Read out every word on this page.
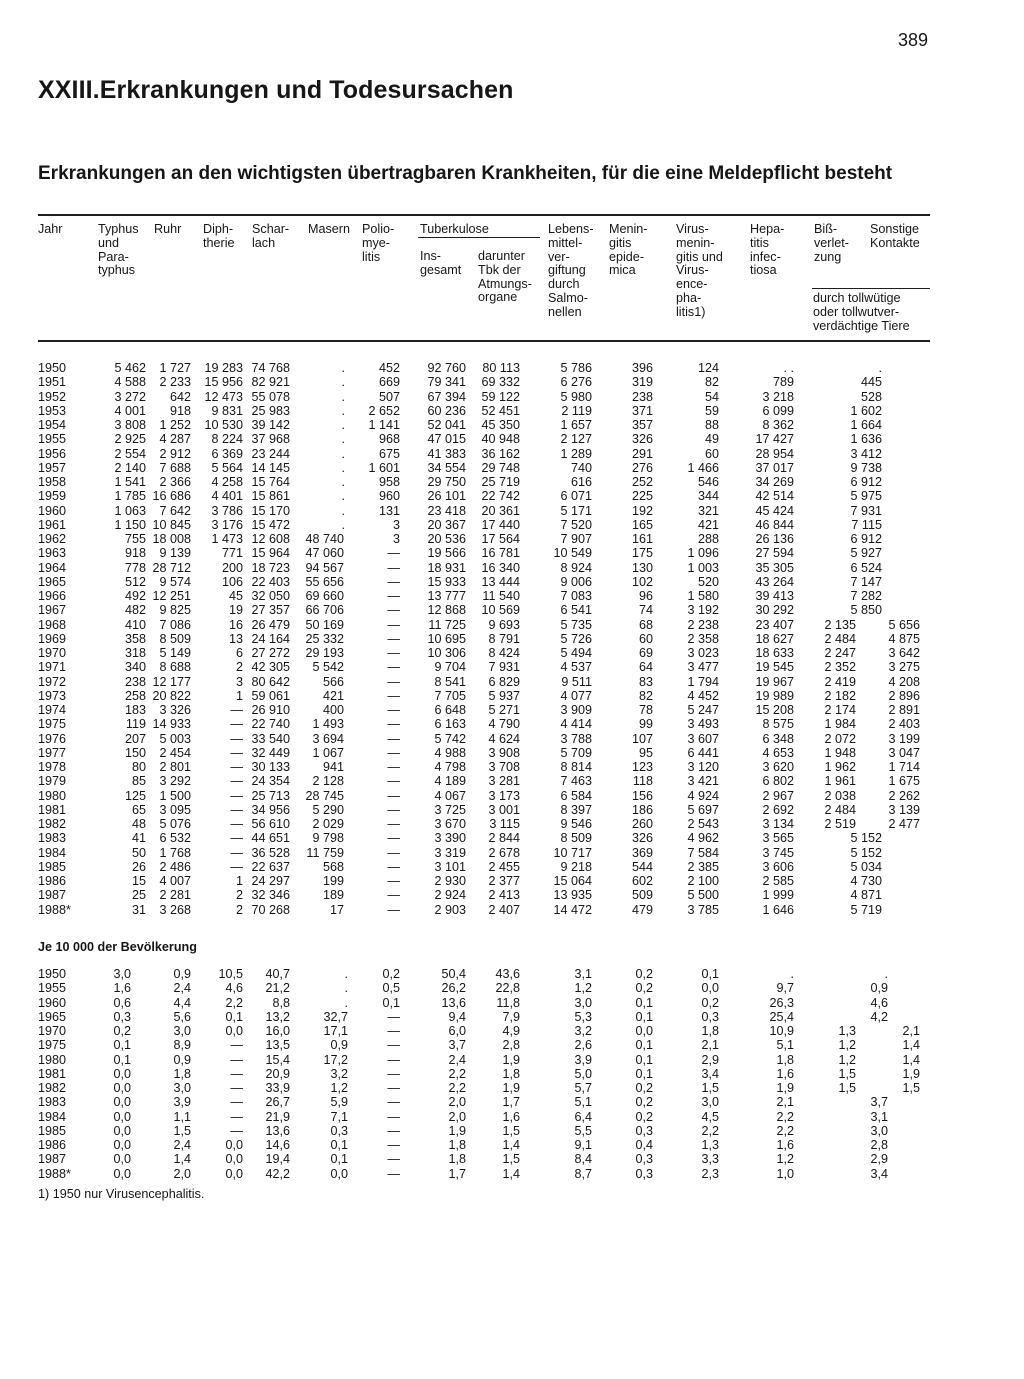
389
XXIII.Erkrankungen und Todesursachen
Erkrankungen an den wichtigsten übertragbaren Krankheiten, für die eine Meldepflicht besteht
Jahr	Typhus
und
Para-
typhus
Ruhr Diph-
therie
Schar-
lach
Masern Polio-
mye-
litis
Tuberkulose
Ins-
gesamt
darunter
Tbk der
Atmungs-
organe
Lebens-
mittel-
ver-
giftung
durch
Salmo-
nellen
Menin-
gitis
epide-
mica
Virus-
menin-
gitis und
Virus-
ence-
pha-
litis1)
Hepa-
titis
infec-
tiosa
Biß-
verlet-
zung
Sonstige
Kontakte
durch tollwütige
oder tollwutver-
verdächtige Tiere
1950
1951
1952
1953
1954
1955
1956
1957
1958
1959
1960
1961
1962
1963
1964
1965
1966
1967
1968
1969
1970
1971
1972
1973
1974
1975
1976
1977
1978
1979
1980
1981
1982
1983
1984
1985
1986
1987
1988*
5 462
4 588
3 272
4 001
3 808
2 925
2 554
2 140
1 541
1 785
1 063
1 150
755
918
778
512
492
482
410
358
318
340
238
258
183
119
207
150
80
85
125
65
48
41
50
26
15
25
31
1 727
2 233
642
918
1 252
4 287
2 912
7 688
2 366
16 686
7 642
10 845
18 008
9 139
28 712
9 574
12 251
9 825
7 086
8 509
5 149
8 688
12 177
20 822
3 326
14 933
5 003
2 454
2 801
3 292
1 500
3 095
5 076
6 532
1 768
2 486
4 007
2 281
3 268
19 283
15 956
12 473
9 831
10 530
8 224
6 369
5 564
4 258
4 401
3 786
3 176
1 473
771
200
106
45
19
16
13
6
2
3
1
—
—
—
—
—
—
—
—
—
—
—
—
1
2
2
74 768
82 921
55 078
25 983
39 142
37 968
23 244
14 145
15 764
15 861
15 170
15 472
12 608
15 964
18 723
22 403
32 050
27 357
26 479
24 164
27 272
42 305
80 642
59 061
26 910
22 740
33 540
32 449
30 133
24 354
25 713
34 956
56 610
44 651
36 528
22 637
24 297
32 346
70 268

48 740
47 060
94 567
55 656
69 660
66 706
50 169
25 332
29 193
5 542
566
421
400
1 493
3 694
1 067
941
2 128
28 745
5 290
2 029
9 798
11 759
568
199
189
17
.
.
.
.
.
.
.
.
.
.
.
.

452
669
507
2 652
1 141
968
675
1 601
958
960
131
3
3
—
—
—
—
—
—
—
—
—
—
—
—
—
—
—
—
—
—
—
—
—
—
—
—
—
—
92 760
79 341
67 394
60 236
52 041
47 015
41 383
34 554
29 750
26 101
23 418
20 367
20 536
19 566
18 931
15 933
13 777
12 868
11 725
10 695
10 306
9 704
8 541
7 705
6 648
6 163
5 742
4 988
4 798
4 189
4 067
3 725
3 670
3 390
3 319
3 101
2 930
2 924
2 903
80 113
69 332
59 122
52 451
45 350
40 948
36 162
29 748
25 719
22 742
20 361
17 440
17 564
16 781
16 340
13 444
11 540
10 569
9 693
8 791
8 424
7 931
6 829
5 937
5 271
4 790
4 624
3 908
3 708
3 281
3 173
3 001
3 115
2 844
2 678
2 455
2 377
2 413
2 407
5 786
6 276
5 980
2 119
1 657
2 127
1 289
740
616
6 071
5 171
7 520
7 907
10 549
8 924
9 006
7 083
6 541
5 735
5 726
5 494
4 537
9 511
4 077
3 909
4 414
3 788
5 709
8 814
7 463
6 584
8 397
9 546
8 509
10 717
9 218
15 064
13 935
14 472
396
319
238
371
357
326
291
276
252
225
192
165
161
175
130
102
96
74
68
60
69
64
83
82
78
99
107
95
123
118
156
186
260
326
369
544
602
509
479
124
82
54
59
88
49
60
1 466
546
344
321
421
288
1 096
1 003
520
1 580
3 192
2 238
2 358
3 023
3 477
1 794
4 452
5 247
3 493
3 607
6 441
3 120
3 421
4 924
5 697
2 543
4 962
7 584
2 385
2 100
5 500
3 785
. .
789
3 218
6 099
8 362
17 427
28 954
37 017
34 269
42 514
45 424
46 844
26 136
27 594
35 305
43 264
39 413
30 292
23 407
18 627
18 633
19 545
19 967
19 989
15 208
8 575
6 348
4 653
3 620
6 802
2 967
2 692
3 134
3 565
3 745
3 606
2 585
1 999
1 646

2 135
2 484
2 247
2 352
2 419
2 182
2 174
1 984
2 072
1 948
1 962
1 961
2 038
2 484
2 519

5 656
4 875
3 642
3 275
4 208
2 896
2 891
2 403
3 199
3 047
1 714
1 675
2 262
3 139
2 477

.
445
528
1 602
1 664
1 636
3 412
9 738
6 912
5 975
7 931
7 115
6 912
5 927
6 524
7 147
7 282
5 850

5 152
5 152
5 034
4 730
4 871
5 719
Je 10 000 der Bevölkerung
1950
1955
1960
1965
1970
1975
1980
1981
1982
1983
1984
1985
1986
1987
1988*
3,0
1,6
0,6
0,3
0,2
0,1
0,1
0,0
0,0
0,0
0,0
0,0
0,0
0,0
0,0
0,9
2,4
4,4
5,6
3,0
8,9
0,9
1,8
3,0
3,9
1,1
1,5
2,4
1,4
2,0
10,5
4,6
2,2
0,1
0,0
—
—
—
—
—
—
—
0,0
0,0
0,0
40,7
21,2
8,8
13,2
16,0
13,5
15,4
20,9
33,9
26,7
21,9
13,6
14,6
19,4
42,2
.
.
.
32,7
17,1
0,9
17,2
3,2
1,2
5,9
7,1
0,3
0,1
0,1
0,0
0,2
0,5
0,1
—
—
—
—
—
—
—
—
—
—
—
—
50,4
26,2
13,6
9,4
6,0
3,7
2,4
2,2
2,2
2,0
2,0
1,9
1,8
1,8
1,7
43,6
22,8
11,8
7,9
4,9
2,8
1,9
1,8
1,9
1,7
1,6
1,5
1,4
1,5
1,4
3,1
1,2
3,0
5,3
3,2
2,6
3,9
5,0
5,7
5,1
6,4
5,5
9,1
8,4
8,7
0,2
0,2
0,1
0,1
0,0
0,1
0,1
0,1
0,2
0,2
0,2
0,3
0,4
0,3
0,3
0,1
0,0
0,2
0,3
1,8
2,1
2,9
3,4
1,5
3,0
4,5
2,2
1,3
3,3
2,3
.
9,7
26,3
25,4
10,9
5,1
1,8
1,6
1,9
2,1
2,2
2,2
1,6
1,2
1,0

1,3
1,2
1,2
1,5
1,5

2,1
1,4
1,4
1,9
1,5

.
0,9
4,6
4,2

3,7
3,1
3,0
2,8
2,9
3,4
1) 1950 nur Virusencephalitis.
